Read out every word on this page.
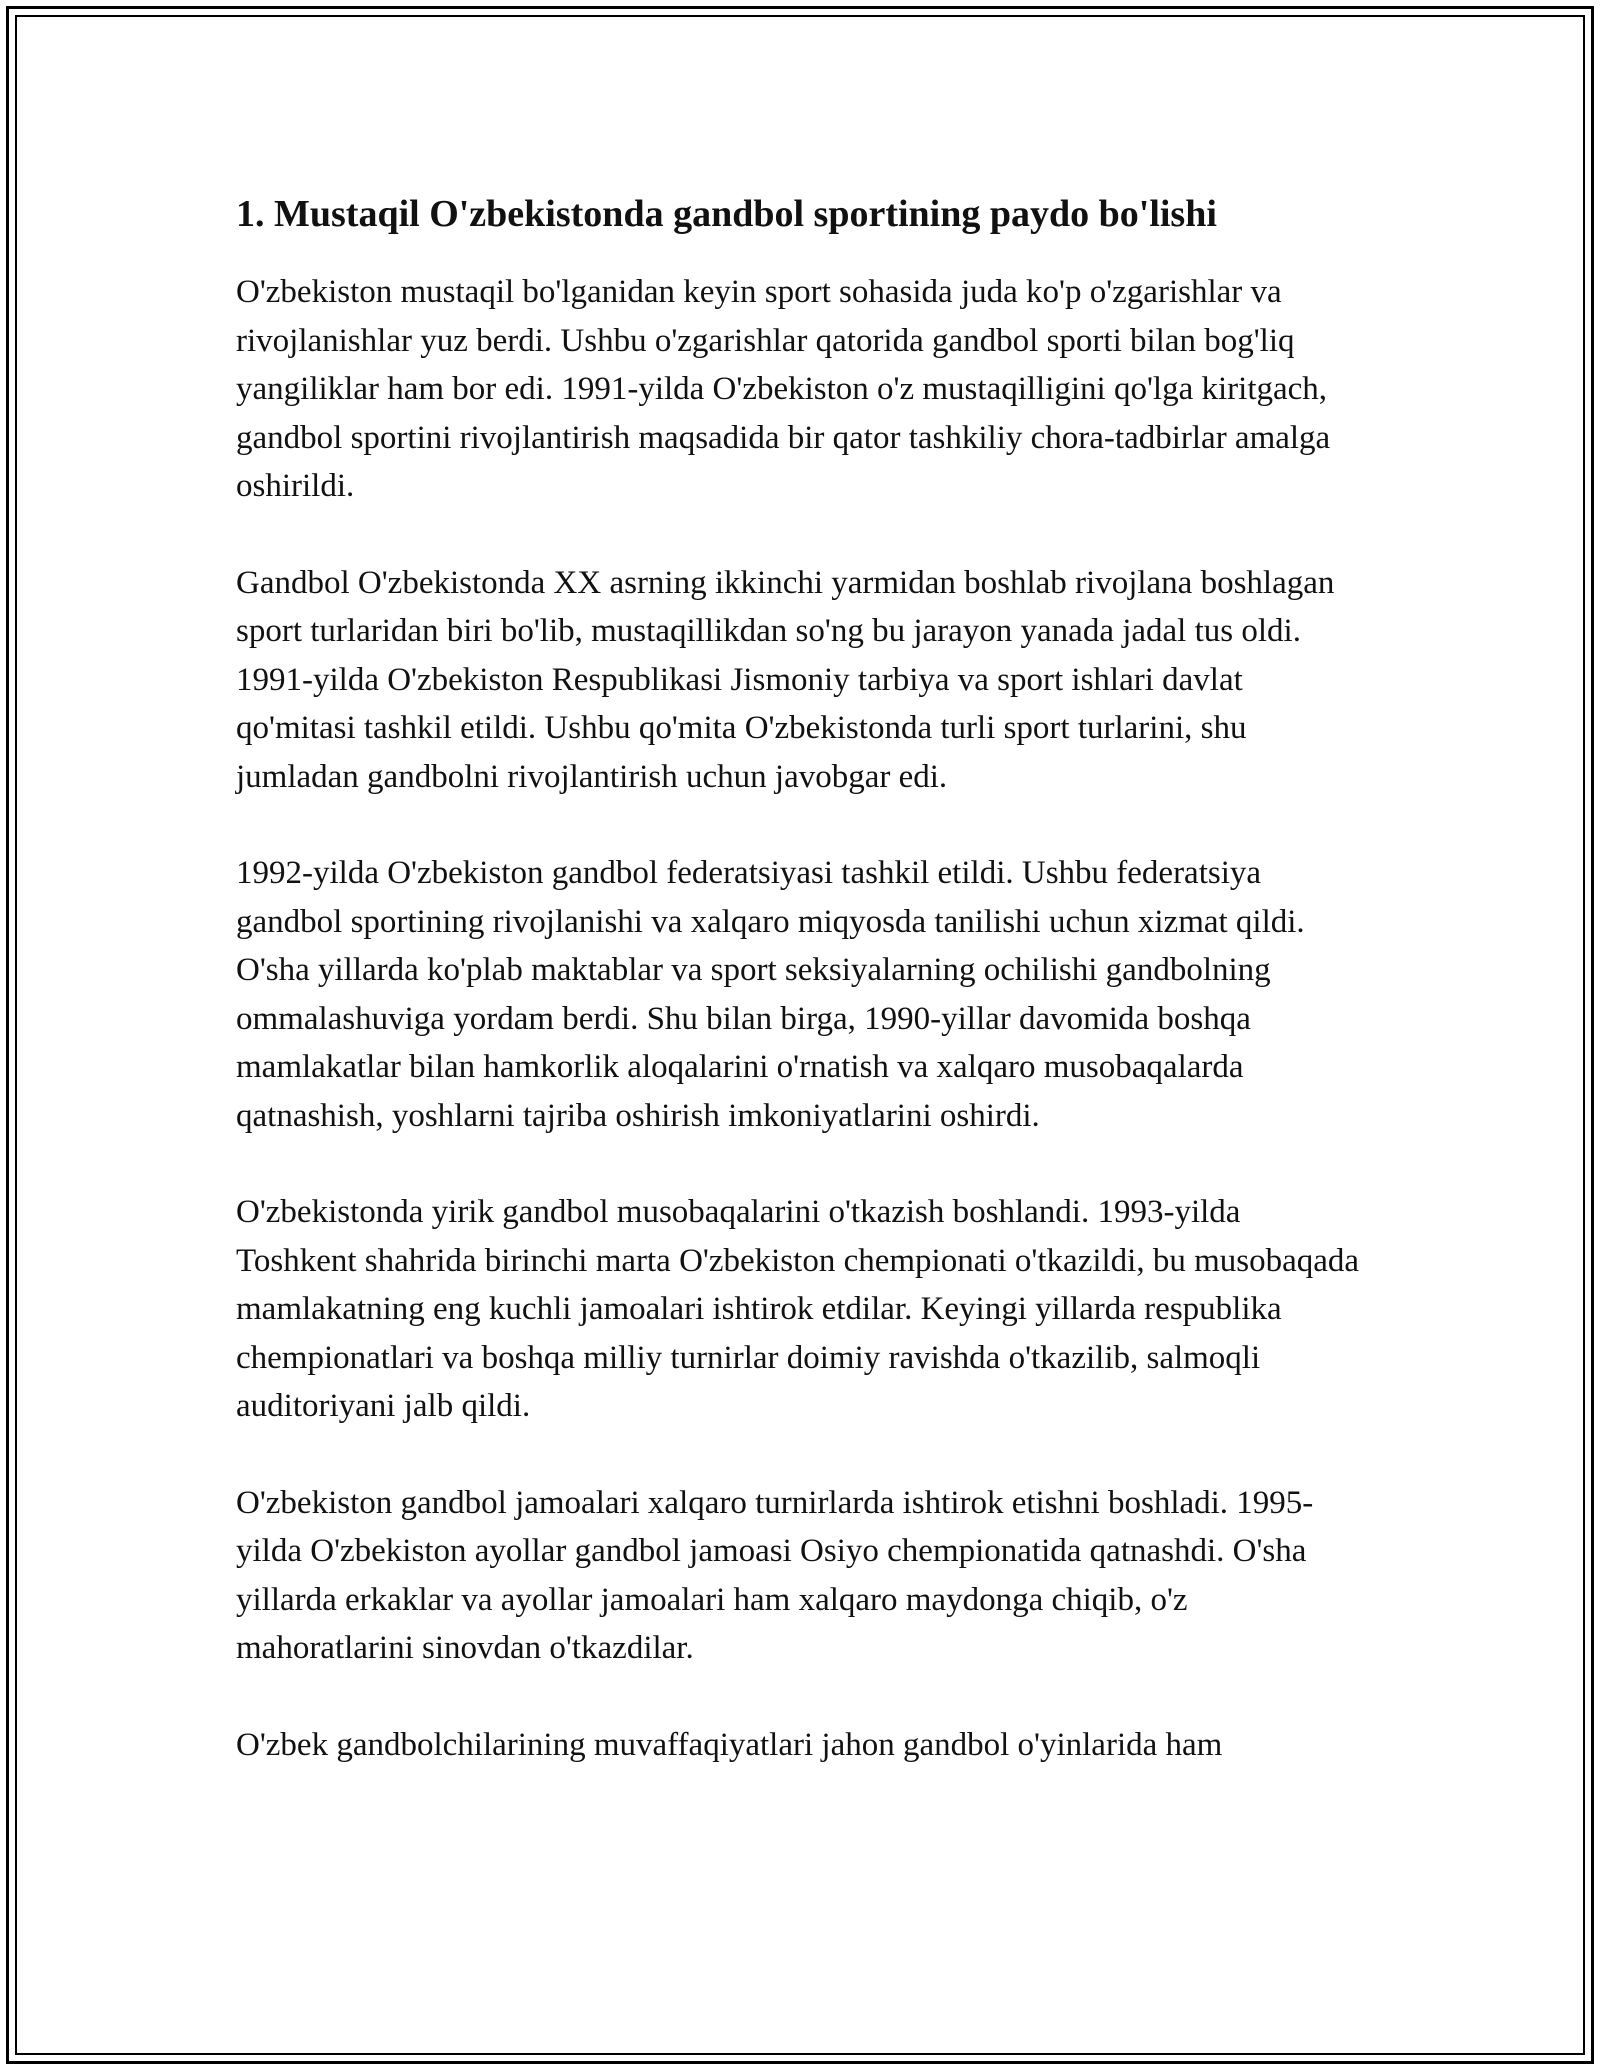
1. Mustaqil O'zbekistonda gandbol sportining paydo bo'lishi

O'zbekiston mustaqil bo'lganidan keyin sport sohasida juda ko'p o'zgarishlar va rivojlanishlar yuz berdi. Ushbu o'zgarishlar qatorida gandbol sporti bilan bog'liq yangiliklar ham bor edi. 1991-yilda O'zbekiston o'z mustaqilligini qo'lga kiritgach, gandbol sportini rivojlantirish maqsadida bir qator tashkiliy chora-tadbirlar amalga oshirildi.

Gandbol O'zbekistonda XX asrning ikkinchi yarmidan boshlab rivojlana boshlagan sport turlaridan biri bo'lib, mustaqillikdan so'ng bu jarayon yanada jadal tus oldi. 1991-yilda O'zbekiston Respublikasi Jismoniy tarbiya va sport ishlari davlat qo'mitasi tashkil etildi. Ushbu qo'mita O'zbekistonda turli sport turlarini, shu jumladan gandbolni rivojlantirish uchun javobgar edi.

1992-yilda O'zbekiston gandbol federatsiyasi tashkil etildi. Ushbu federatsiya gandbol sportining rivojlanishi va xalqaro miqyosda tanilishi uchun xizmat qildi. O'sha yillarda ko'plab maktablar va sport seksiyalarning ochilishi gandbolning ommalashuviga yordam berdi. Shu bilan birga, 1990-yillar davomida boshqa mamlakatlar bilan hamkorlik aloqalarini o'rnatish va xalqaro musobaqalarda qatnashish, yoshlarni tajriba oshirish imkoniyatlarini oshirdi.

O'zbekistonda yirik gandbol musobaqalarini o'tkazish boshlandi. 1993-yilda Toshkent shahrida birinchi marta O'zbekiston chempionati o'tkazildi, bu musobaqada mamlakatning eng kuchli jamoalari ishtirok etdilar. Keyingi yillarda respublika chempionatlari va boshqa milliy turnirlar doimiy ravishda o'tkazilib, salmoqli auditoriyani jalb qildi.

O'zbekiston gandbol jamoalari xalqaro turnirlarda ishtirok etishni boshladi. 1995-yilda O'zbekiston ayollar gandbol jamoasi Osiyo chempionatida qatnashdi. O'sha yillarda erkaklar va ayollar jamoalari ham xalqaro maydonga chiqib, o'z mahoratlarini sinovdan o'tkazdilar.

O'zbek gandbolchilarining muvaffaqiyatlari jahon gandbol o'yinlarida ham
